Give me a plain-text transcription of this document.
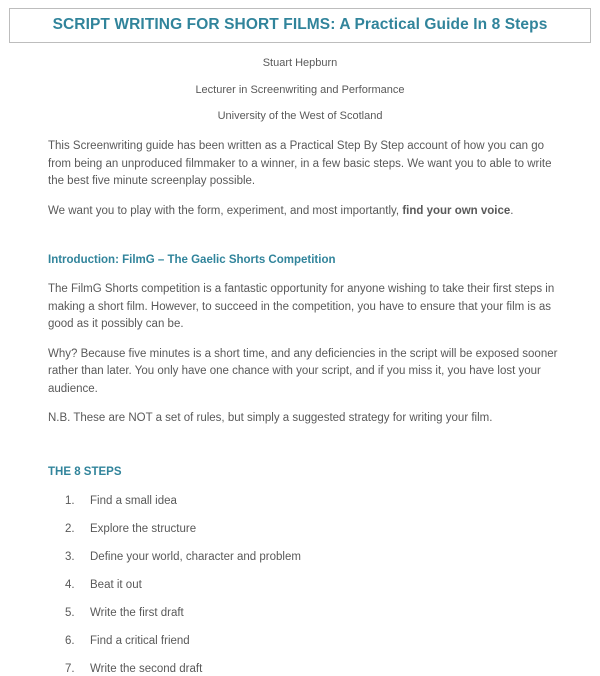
SCRIPT WRITING FOR SHORT FILMS: A Practical Guide In 8 Steps

Stuart Hepburn

Lecturer in Screenwriting and Performance

University of the West of Scotland

This Screenwriting guide has been written as a Practical Step By Step account of how you can go from being an unproduced filmmaker to a winner, in a few basic steps. We want you to able to write the best five minute screenplay possible.

We want you to play with the form, experiment, and most importantly, find your own voice.

Introduction: FilmG – The Gaelic Shorts Competition

The FilmG Shorts competition is a fantastic opportunity for anyone wishing to take their first steps in making a short film. However, to succeed in the competition, you have to ensure that your film is as good as it possibly can be.

Why? Because five minutes is a short time, and any deficiencies in the script will be exposed sooner rather than later. You only have one chance with your script, and if you miss it, you have lost your audience.

N.B. These are NOT a set of rules, but simply a suggested strategy for writing your film.

THE 8 STEPS
Find a small idea
Explore the structure
Define your world, character and problem
Beat it out
Write the first draft
Find a critical friend
Write the second draft
